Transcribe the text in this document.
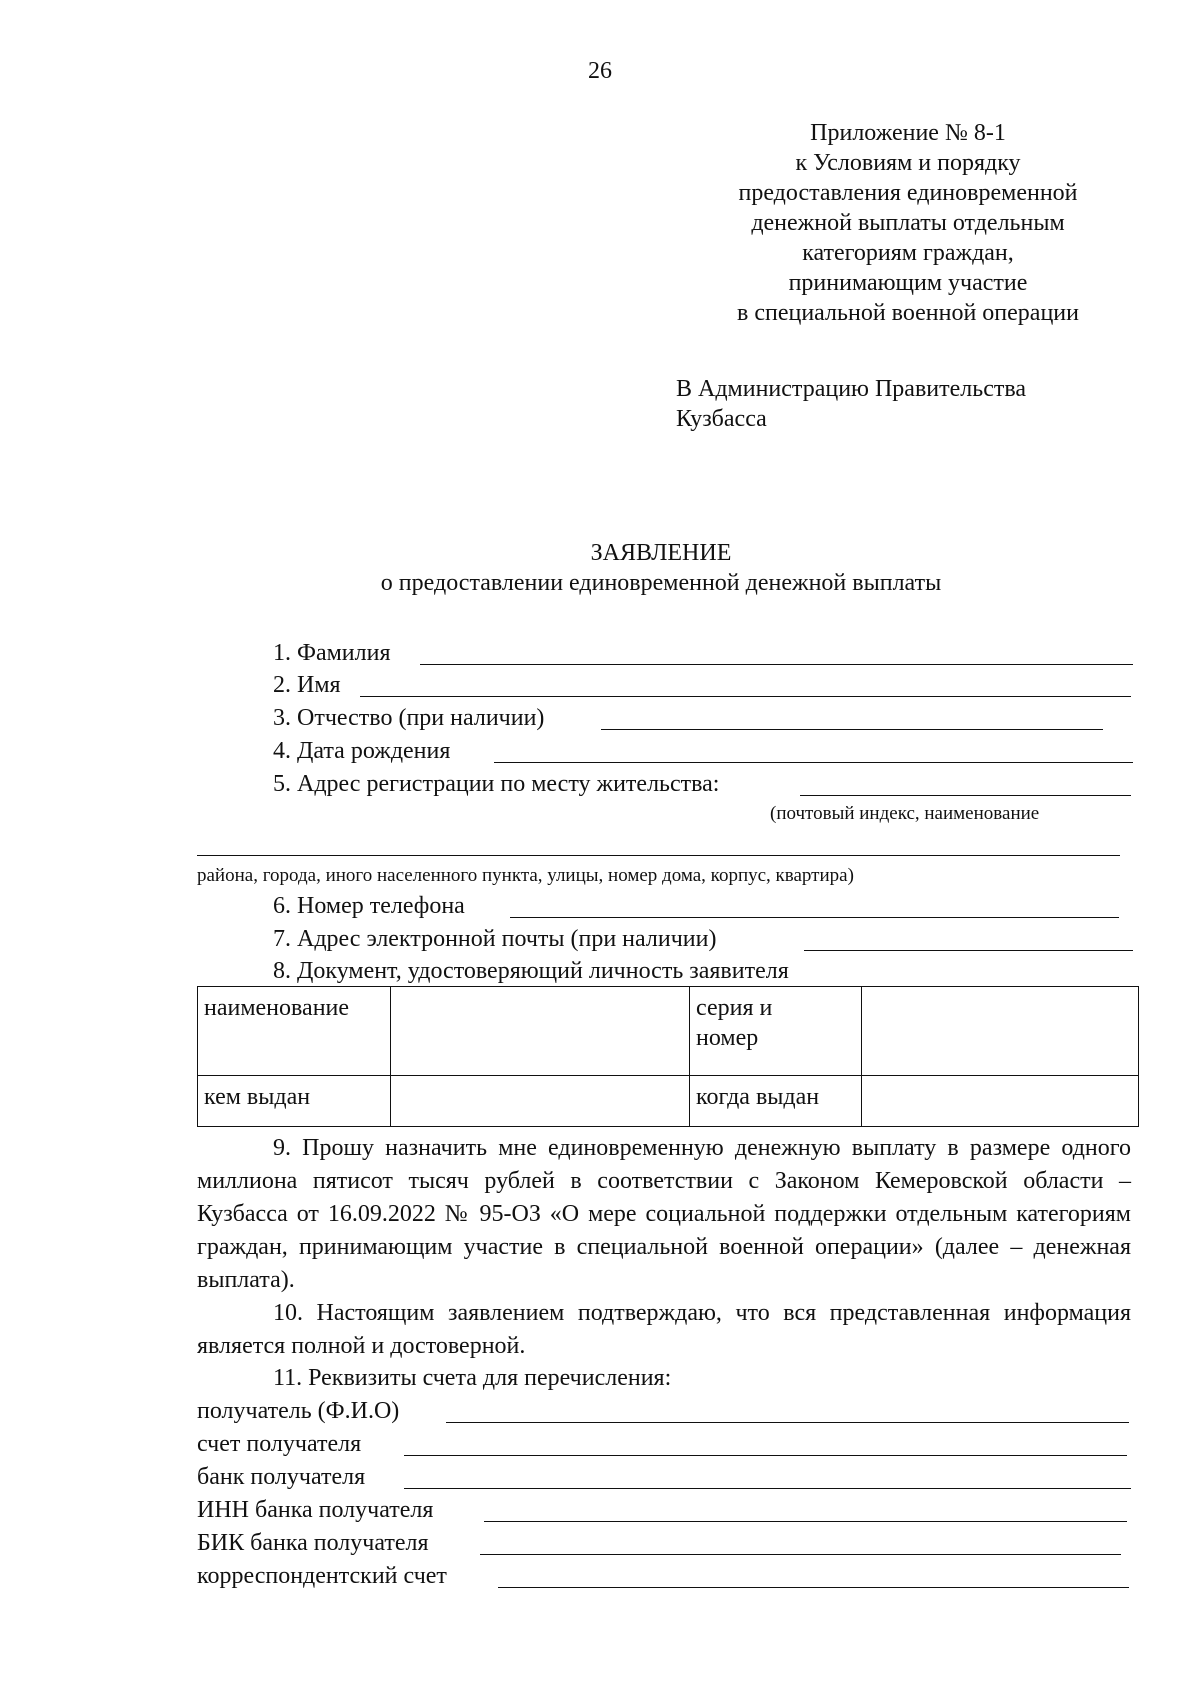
26
Приложение № 8-1
к Условиям и порядку
предоставления единовременной
денежной выплаты отдельным
категориям граждан,
принимающим участие
в специальной военной операции
В Администрацию Правительства
Кузбасса
ЗАЯВЛЕНИЕ
о предоставлении единовременной денежной выплаты
1. Фамилия
2. Имя
3. Отчество (при наличии)
4. Дата рождения
5. Адрес регистрации по месту жительства:
(почтовый индекс, наименование
района, города, иного населенного пункта, улицы, номер дома, корпус, квартира)
6. Номер телефона
7. Адрес электронной почты (при наличии)
8. Документ, удостоверяющий личность заявителя
наименование		серия и
номер	

кем выдан		когда выдан	
9. Прошу назначить мне единовременную денежную выплату в размере одного миллиона пятисот тысяч рублей в соответствии с Законом Кемеровской области – Кузбасса от 16.09.2022 № 95-ОЗ «О мере социальной поддержки отдельным категориям граждан, принимающим участие в специальной военной операции» (далее – денежная выплата).
10. Настоящим заявлением подтверждаю, что вся представленная информация является полной и достоверной.
11. Реквизиты счета для перечисления:
получатель (Ф.И.О)
счет получателя
банк получателя
ИНН банка получателя
БИК банка получателя
корреспондентский счет
